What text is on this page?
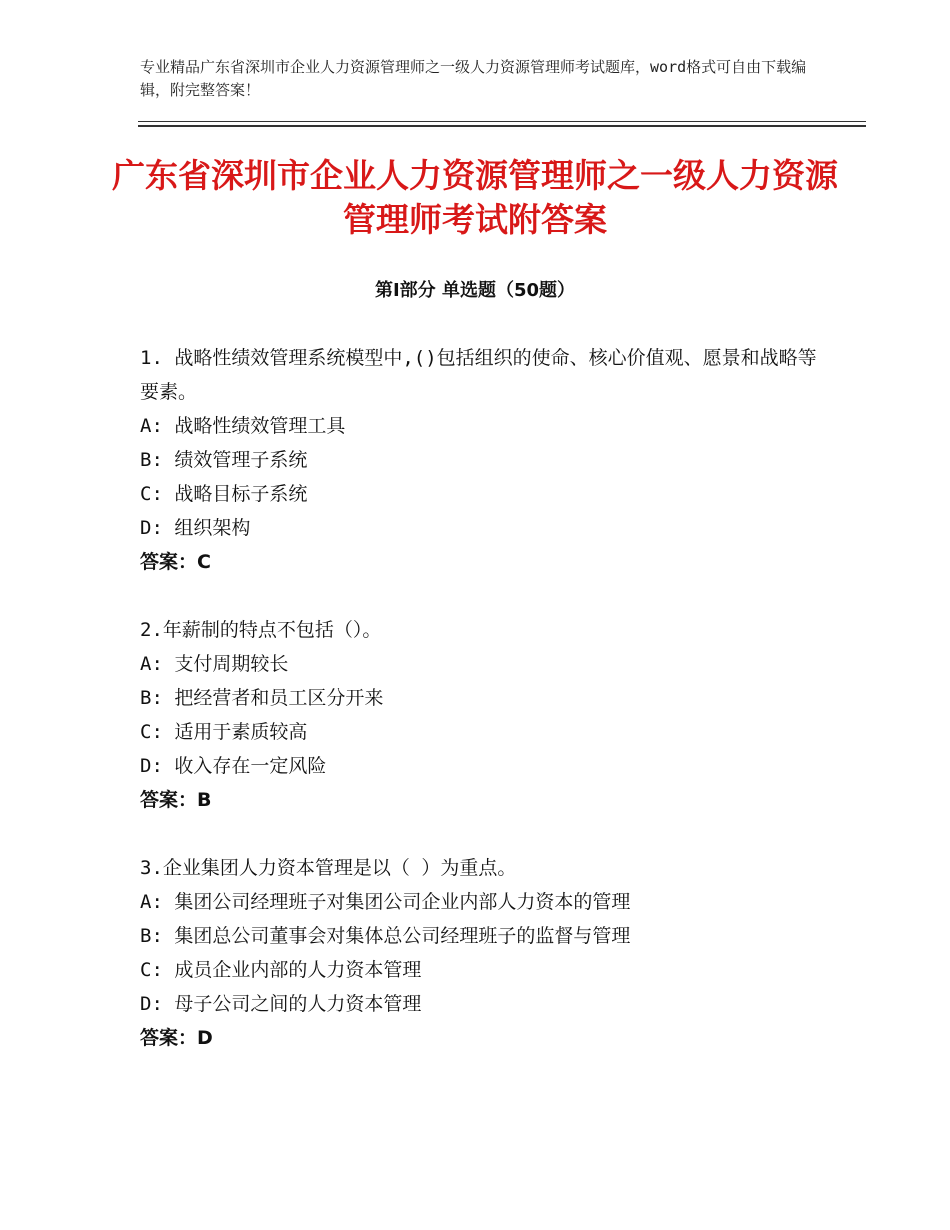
专业精品广东省深圳市企业人力资源管理师之一级人力资源管理师考试题库，word格式可自由下载编辑，附完整答案！
广东省深圳市企业人力资源管理师之一级人力资源管理师考试附答案
第Ⅰ部分 单选题（50题）
1. 战略性绩效管理系统模型中,()包括组织的使命、核心价值观、愿景和战略等要素。
A: 战略性绩效管理工具
B: 绩效管理子系统
C: 战略目标子系统
D: 组织架构
答案：C
2.年薪制的特点不包括（）。
A: 支付周期较长
B: 把经营者和员工区分开来
C: 适用于素质较高
D: 收入存在一定风险
答案：B
3.企业集团人力资本管理是以（ ）为重点。
A: 集团公司经理班子对集团公司企业内部人力资本的管理
B: 集团总公司董事会对集体总公司经理班子的监督与管理
C: 成员企业内部的人力资本管理
D: 母子公司之间的人力资本管理
答案：D
